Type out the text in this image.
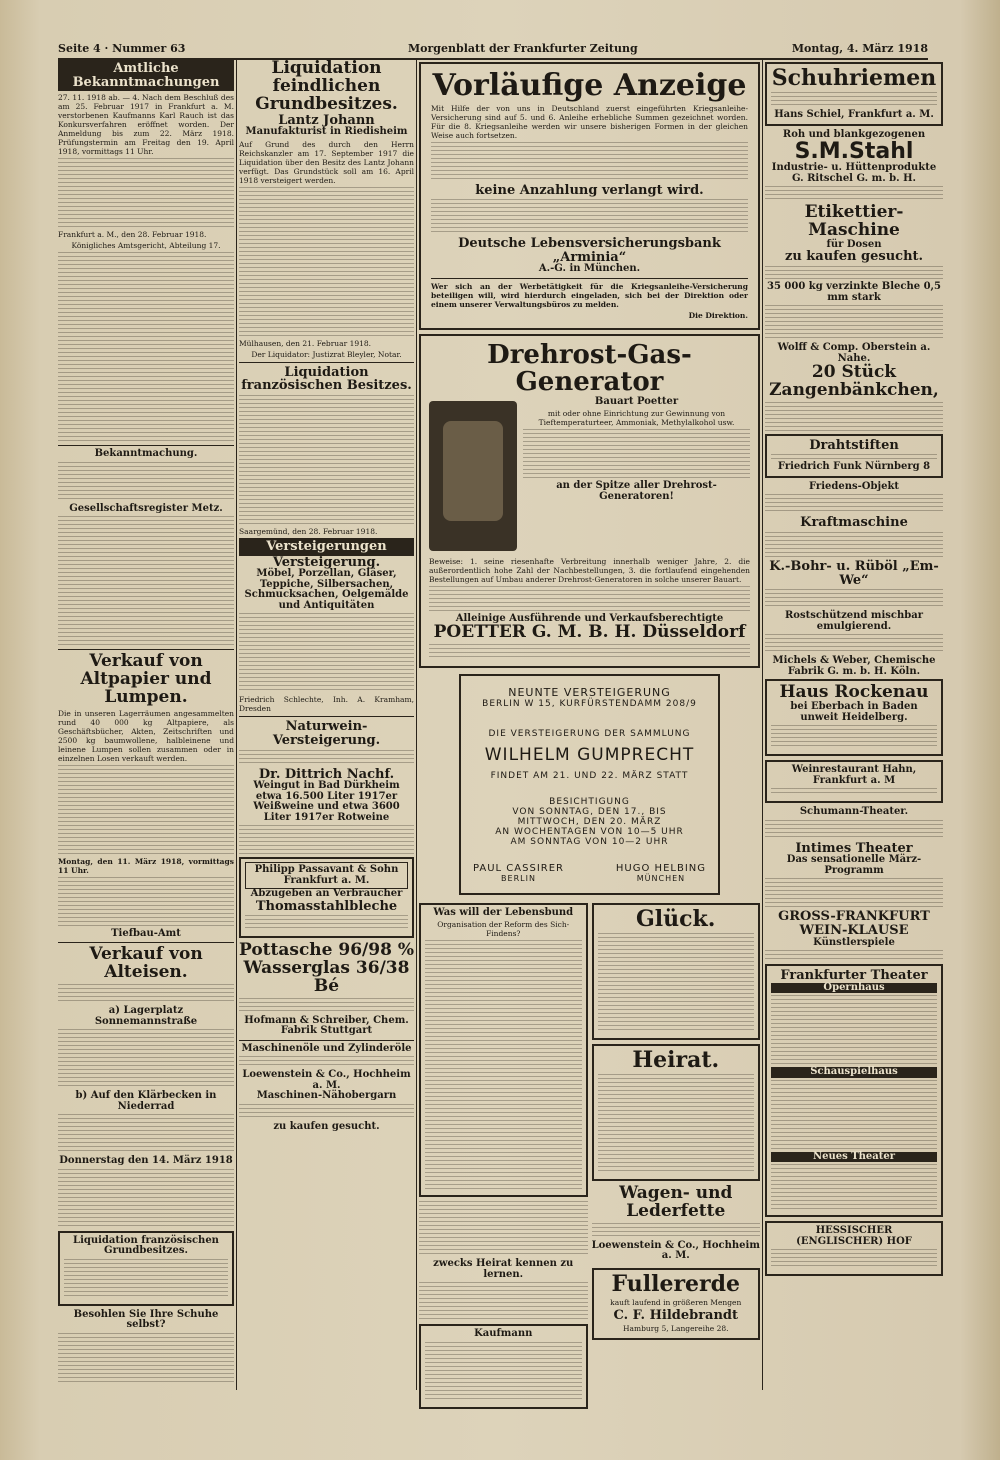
Seite 4 · Nummer 63	Morgenblatt der Frankfurter Zeitung	Montag, 4. März 1918
Amtliche Bekanntmachungen
27. 11. 1918 ab. — 4. Nach dem Beschluß des am 25. Februar 1917 in Frankfurt a. M. verstorbenen Kaufmanns Karl Rauch ist das Konkursverfahren eröffnet worden. Der Anmeldung bis zum 22. März 1918. Prüfungstermin am Freitag den 19. April 1918, vormittags 11 Uhr.
Frankfurt a. M., den 28. Februar 1918.
Königliches Amtsgericht, Abteilung 17.
Bekanntmachung.
Gesellschaftsregister Metz.
Verkauf von Altpapier und Lumpen.
Die in unseren Lagerräumen angesammelten rund 40 000 kg Altpapiere, als Geschäftsbücher, Akten, Zeitschriften und 2500 kg baumwollene, halbleinene und leinene Lumpen sollen zusammen oder in einzelnen Losen verkauft werden.
Montag, den 11. März 1918, vormittags 11 Uhr.
Tiefbau-Amt
Verkauf von Alteisen.
a) Lagerplatz Sonnemannstraße
b) Auf den Klärbecken in Niederrad
Donnerstag den 14. März 1918
Liquidation französischen Grundbesitzes.
Besohlen Sie Ihre Schuhe selbst?
Liquidation feindlichen Grundbesitzes.
Lantz Johann
Manufakturist in Riedisheim
Auf Grund des durch den Herrn Reichskanzler am 17. September 1917 die Liquidation über den Besitz des Lantz Johann verfügt. Das Grundstück soll am 16. April 1918 versteigert werden.
Mülhausen, den 21. Februar 1918.
Der Liquidator: Justizrat Bleyler, Notar.
Liquidation französischen Besitzes.
Saargemünd, den 28. Februar 1918.
Versteigerungen
Versteigerung.
Möbel, Porzellan, Gläser, Teppiche, Silbersachen, Schmucksachen, Oelgemälde und Antiquitäten
Friedrich Schlechte, Inh. A. Kramham, Dresden
Naturwein-Versteigerung.
Dr. Dittrich Nachf.
Weingut in Bad Dürkheim
etwa 16.500 Liter 1917er Weißweine und etwa 3600 Liter 1917er Rotweine
Philipp Passavant & Sohn Frankfurt a. M.
Abzugeben an Verbraucher
Thomasstahlbleche
Pottasche 96/98 %
Wasserglas 36/38 Bé
Hofmann & Schreiber, Chem. Fabrik Stuttgart
Maschinenöle und Zylinderöle
Loewenstein & Co., Hochheim a. M.
Maschinen-Nähobergarn
zu kaufen gesucht.
Vorläufige Anzeige
Mit Hilfe der von uns in Deutschland zuerst eingeführten Kriegsanleihe-Versicherung sind auf 5. und 6. Anleihe erhebliche Summen gezeichnet worden. Für die 8. Kriegsanleihe werden wir unsere bisherigen Formen in der gleichen Weise auch fortsetzen.
keine Anzahlung verlangt wird.
Deutsche Lebensversicherungsbank „Arminia“
A.-G. in München.
Wer sich an der Werbetätigkeit für die Kriegsanleihe-Versicherung beteiligen will, wird hierdurch eingeladen, sich bei der Direktion oder einem unserer Verwaltungsbüros zu melden.
Die Direktion.
Drehrost-Gas-Generator
Bauart Poetter
mit oder ohne Einrichtung zur Gewinnung von Tieftemperaturteer, Ammoniak, Methylalkohol usw.
an der Spitze aller Drehrost-Generatoren!
Beweise: 1. seine riesenhafte Verbreitung innerhalb weniger Jahre, 2. die außerordentlich hohe Zahl der Nachbestellungen, 3. die fortlaufend eingehenden Bestellungen auf Umbau anderer Drehrost-Generatoren in solche unserer Bauart.
Alleinige Ausführende und Verkaufsberechtigte
POETTER G. M. B. H. Düsseldorf
NEUNTE VERSTEIGERUNG
BERLIN W 15, KURFÜRSTENDAMM 208/9
DIE VERSTEIGERUNG DER SAMMLUNG
WILHELM GUMPRECHT
FINDET AM 21. UND 22. MÄRZ STATT
BESICHTIGUNG
VON SONNTAG, DEN 17., BIS
MITTWOCH, DEN 20. MÄRZ
AN WOCHENTAGEN VON 10—5 UHR
AM SONNTAG VON 10—2 UHR
PAUL CASSIRER
BERLIN
HUGO HELBING
MÜNCHEN
Was will der Lebensbund
Organisation der Reform des Sich-Findens?
zwecks Heirat kennen zu lernen.
Kaufmann
Glück.
Heirat.
Wagen- und Lederfette
Loewenstein & Co., Hochheim a. M.
Fullererde
kauft laufend in größeren Mengen
C. F. Hildebrandt
Hamburg 5, Langereihe 28.
Schuhriemen
Hans Schiel, Frankfurt a. M.
Roh und blankgezogenen
S.M.Stahl
Industrie- u. Hüttenprodukte G. Ritschel G. m. b. H.
Etikettier-Maschine
für Dosen
zu kaufen gesucht.
35 000 kg verzinkte Bleche 0,5 mm stark
Wolff & Comp. Oberstein a. Nahe.
20 Stück Zangenbänkchen,
Drahtstiften
Friedrich Funk Nürnberg 8
Friedens-Objekt
Kraftmaschine
K.-Bohr- u. Rüböl „Em-We“
Rostschützend mischbar emulgierend.
Michels & Weber, Chemische Fabrik G. m. b. H. Köln.
Haus Rockenau
bei Eberbach in Baden unweit Heidelberg.
Weinrestaurant Hahn, Frankfurt a. M
Schumann-Theater.
Intimes Theater
Das sensationelle März-Programm
GROSS-FRANKFURT
WEIN-KLAUSE
Künstlerspiele
Frankfurter Theater
Opernhaus
Schauspielhaus
Neues Theater
HESSISCHER (ENGLISCHER) HOF
